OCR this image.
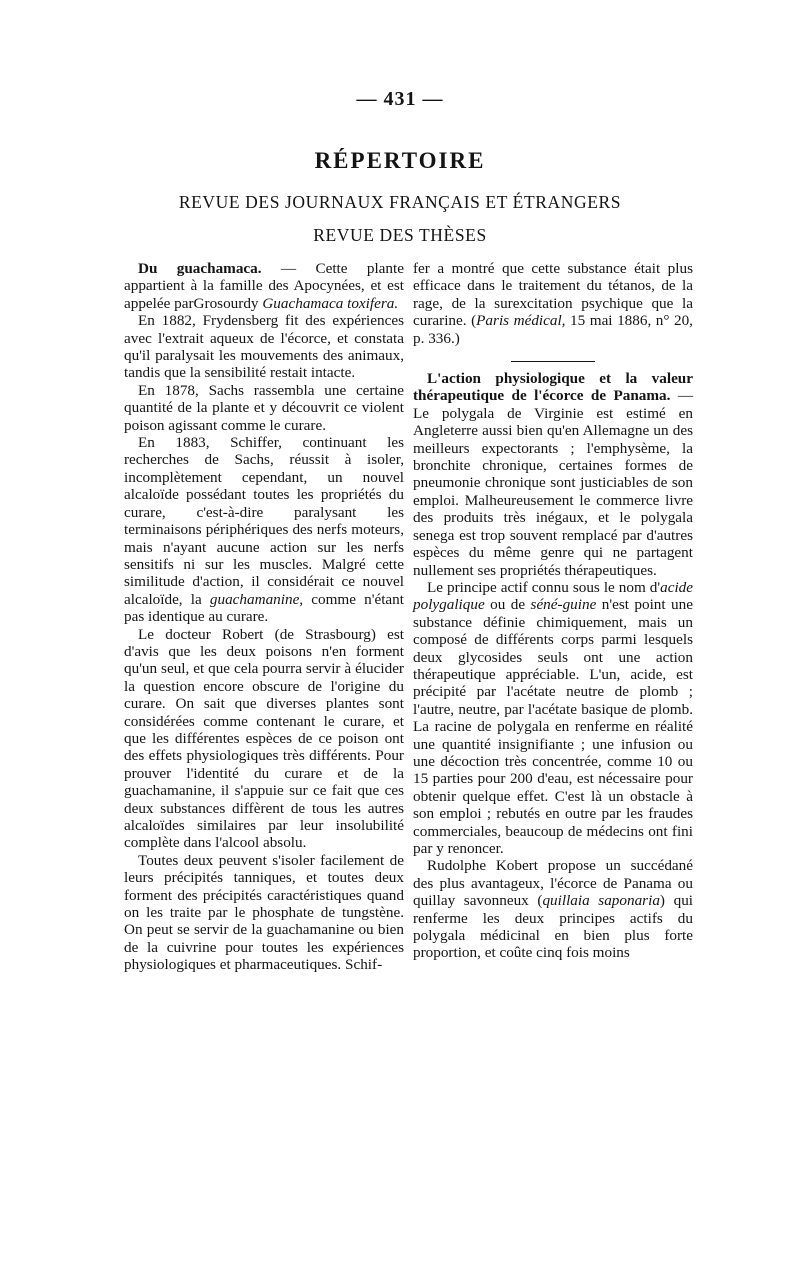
— 431 —
RÉPERTOIRE
REVUE DES JOURNAUX FRANÇAIS ET ÉTRANGERS
REVUE DES THÈSES

Du guachamaca. — Cette plante appartient à la famille des Apocynées, et est appelée parGrosourdy Guachamaca toxifera.

En 1882, Frydensberg fit des expériences avec l'extrait aqueux de l'écorce, et constata qu'il paralysait les mouvements des animaux, tandis que la sensibilité restait intacte.

En 1878, Sachs rassembla une certaine quantité de la plante et y découvrit ce violent poison agissant comme le curare.

En 1883, Schiffer, continuant les recherches de Sachs, réussit à isoler, incomplètement cependant, un nouvel alcaloïde possédant toutes les propriétés du curare, c'est-à-dire paralysant les terminaisons périphériques des nerfs moteurs, mais n'ayant aucune action sur les nerfs sensitifs ni sur les muscles. Malgré cette similitude d'action, il considérait ce nouvel alcaloïde, la guachamanine, comme n'étant pas identique au curare.

Le docteur Robert (de Strasbourg) est d'avis que les deux poisons n'en forment qu'un seul, et que cela pourra servir à élucider la question encore obscure de l'origine du curare. On sait que diverses plantes sont considérées comme contenant le curare, et que les différentes espèces de ce poison ont des effets physiologiques très différents. Pour prouver l'identité du curare et de la guachamanine, il s'appuie sur ce fait que ces deux substances diffèrent de tous les autres alcaloïdes similaires par leur insolubilité complète dans l'alcool absolu.

Toutes deux peuvent s'isoler facilement de leurs précipités tanniques, et toutes deux forment des précipités caractéristiques quand on les traite par le phosphate de tungstène. On peut se servir de la guachamanine ou bien de la cuivrine pour toutes les expériences physiologiques et pharmaceutiques. Schif-

fer a montré que cette substance était plus efficace dans le traitement du tétanos, de la rage, de la surexcitation psychique que la curarine. (Paris médical, 15 mai 1886, n° 20, p. 336.)

L'action physiologique et la valeur thérapeutique de l'écorce de Panama. — Le polygala de Virginie est estimé en Angleterre aussi bien qu'en Allemagne un des meilleurs expectorants ; l'emphysème, la bronchite chronique, certaines formes de pneumonie chronique sont justiciables de son emploi. Malheureusement le commerce livre des produits très inégaux, et le polygala senega est trop souvent remplacé par d'autres espèces du même genre qui ne partagent nullement ses propriétés thérapeutiques.

Le principe actif connu sous le nom d'acide polygalique ou de séné-guine n'est point une substance définie chimiquement, mais un composé de différents corps parmi lesquels deux glycosides seuls ont une action thérapeutique appréciable. L'un, acide, est précipité par l'acétate neutre de plomb ; l'autre, neutre, par l'acétate basique de plomb. La racine de polygala en renferme en réalité une quantité insignifiante ; une infusion ou une décoction très concentrée, comme 10 ou 15 parties pour 200 d'eau, est nécessaire pour obtenir quelque effet. C'est là un obstacle à son emploi ; rebutés en outre par les fraudes commerciales, beaucoup de médecins ont fini par y renoncer.

Rudolphe Kobert propose un succédané des plus avantageux, l'écorce de Panama ou quillay savonneux (quillaia saponaria) qui renferme les deux principes actifs du polygala médicinal en bien plus forte proportion, et coûte cinq fois moins
